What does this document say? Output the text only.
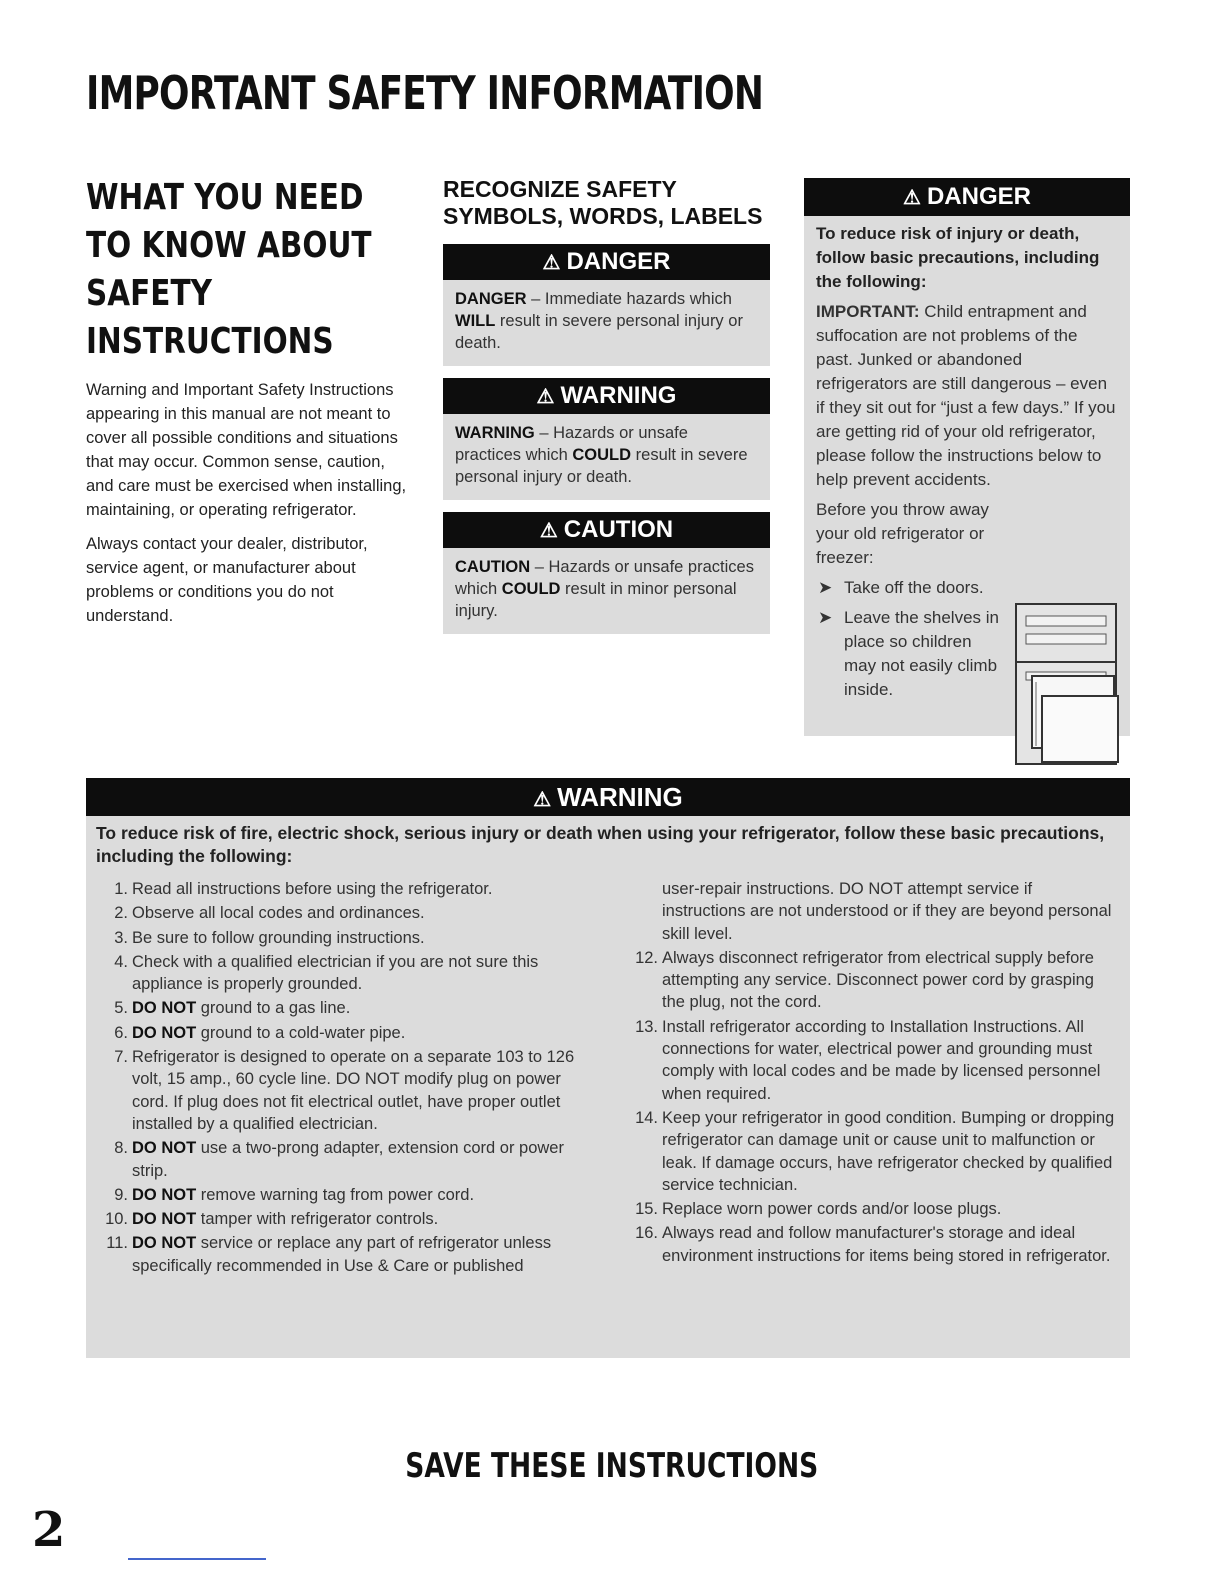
IMPORTANT SAFETY INFORMATION
WHAT YOU NEED TO KNOW ABOUT SAFETY INSTRUCTIONS

Warning and Important Safety Instructions appearing in this manual are not meant to cover all possible conditions and situations that may occur. Common sense, caution, and care must be exercised when installing, maintaining, or operating refrigerator.

Always contact your dealer, distributor, service agent, or manufacturer about problems or conditions you do not understand.

RECOGNIZE SAFETY SYMBOLS, WORDS, LABELS
⚠ DANGER
DANGER – Immediate hazards which WILL result in severe personal injury or death.
⚠ WARNING
WARNING – Hazards or unsafe practices which COULD result in severe personal injury or death.
⚠ CAUTION
CAUTION – Hazards or unsafe practices which COULD result in minor personal injury.
⚠ DANGER
To reduce risk of injury or death, follow basic precautions, including the following:

IMPORTANT: Child entrapment and suffocation are not problems of the past. Junked or abandoned refrigerators are still dangerous – even if they sit out for “just a few days.” If you are getting rid of your old refrigerator, please follow the instructions below to help prevent accidents.

Before you throw away your old refrigerator or freezer:

➤ Take off the doors.
➤ Leave the shelves in place so children may not easily climb inside.
⚠ WARNING
To reduce risk of fire, electric shock, serious injury or death when using your refrigerator, follow these basic precautions, including the following:
1. Read all instructions before using the refrigerator.
2. Observe all local codes and ordinances.
3. Be sure to follow grounding instructions.
4. Check with a qualified electrician if you are not sure this appliance is properly grounded.
5. DO NOT ground to a gas line.
6. DO NOT ground to a cold-water pipe.
7. Refrigerator is designed to operate on a separate 103 to 126 volt, 15 amp., 60 cycle line. DO NOT modify plug on power cord. If plug does not fit electrical outlet, have proper outlet installed by a qualified electrician.
8. DO NOT use a two-prong adapter, extension cord or power strip.
9. DO NOT remove warning tag from power cord.
10. DO NOT tamper with refrigerator controls.
11. DO NOT service or replace any part of refrigerator unless specifically recommended in Use & Care or published
user-repair instructions. DO NOT attempt service if instructions are not understood or if they are beyond personal skill level.
12. Always disconnect refrigerator from electrical supply before attempting any service. Disconnect power cord by grasping the plug, not the cord.
13. Install refrigerator according to Installation Instructions. All connections for water, electrical power and grounding must comply with local codes and be made by licensed personnel when required.
14. Keep your refrigerator in good condition. Bumping or dropping refrigerator can damage unit or cause unit to malfunction or leak. If damage occurs, have refrigerator checked by qualified service technician.
15. Replace worn power cords and/or loose plugs.
16. Always read and follow manufacturer's storage and ideal environment instructions for items being stored in refrigerator.
SAVE THESE INSTRUCTIONS
2
